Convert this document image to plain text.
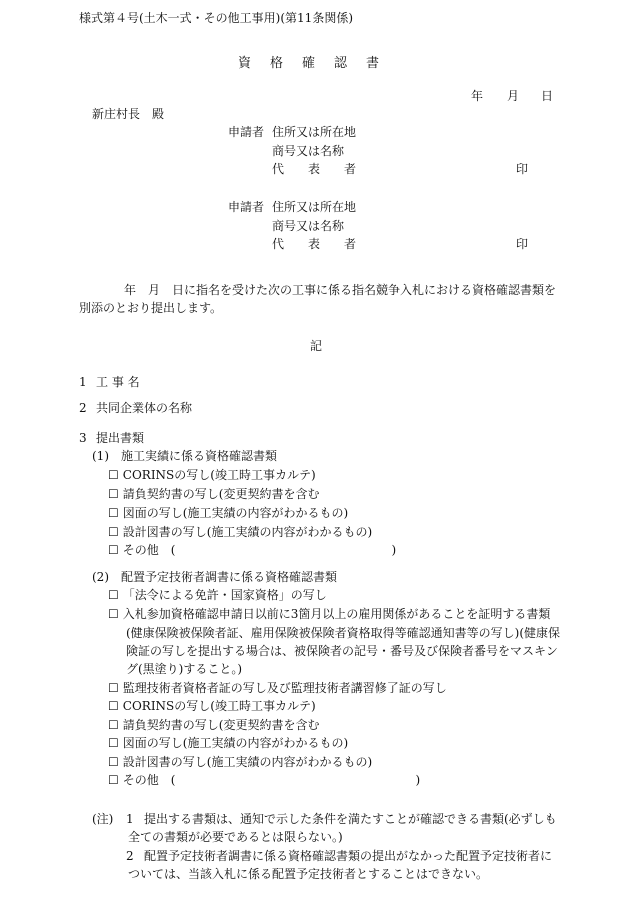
様式第４号(土木一式・その他工事用)(第11条関係)
資　格　確　認　書
年 月 日
新庄村長　殿
申請者 住所又は所在地
商号又は名称
代　　表　　者	印
申請者 住所又は所在地
商号又は名称
代　　表　　者	印
　年　月　日に指名を受けた次の工事に係る指名競争入札における資格確認書類を
別添のとおり提出します。
記
1 工 事 名
2 共同企業体の名称
3 提出書類
(1)　施工実績に係る資格確認書類
☐ CORINSの写し(竣工時工事カルテ)
☐ 請負契約書の写し(変更契約書を含む
☐ 図面の写し(施工実績の内容がわかるもの)
☐ 設計図書の写し(施工実績の内容がわかるもの)
☐ その他　(　　　　　　　　　　　　　　　　　　)
(2)　配置予定技術者調書に係る資格確認書類
☐ 「法令による免許・国家資格」の写し
☐ 入札参加資格確認申請日以前に3箇月以上の雇用関係があることを証明する書類
(健康保険被保険者証、雇用保険被保険者資格取得等確認通知書等の写し)(健康保
険証の写しを提出する場合は、被保険者の記号・番号及び保険者番号をマスキン
グ(黒塗り)すること。)
☐ 監理技術者資格者証の写し及び監理技術者講習修了証の写し
☐ CORINSの写し(竣工時工事カルテ)
☐ 請負契約書の写し(変更契約書を含む
☐ 図面の写し(施工実績の内容がわかるもの)
☐ 設計図書の写し(施工実績の内容がわかるもの)
☐ その他　(　　　　　　　　　　　　　　　　　　　　)
(注) 1 提出する書類は、通知で示した条件を満たすことが確認できる書類(必ずしも
全ての書類が必要であるとは限らない。)
2 配置予定技術者調書に係る資格確認書類の提出がなかった配置予定技術者に
ついては、当該入札に係る配置予定技術者とすることはできない。
